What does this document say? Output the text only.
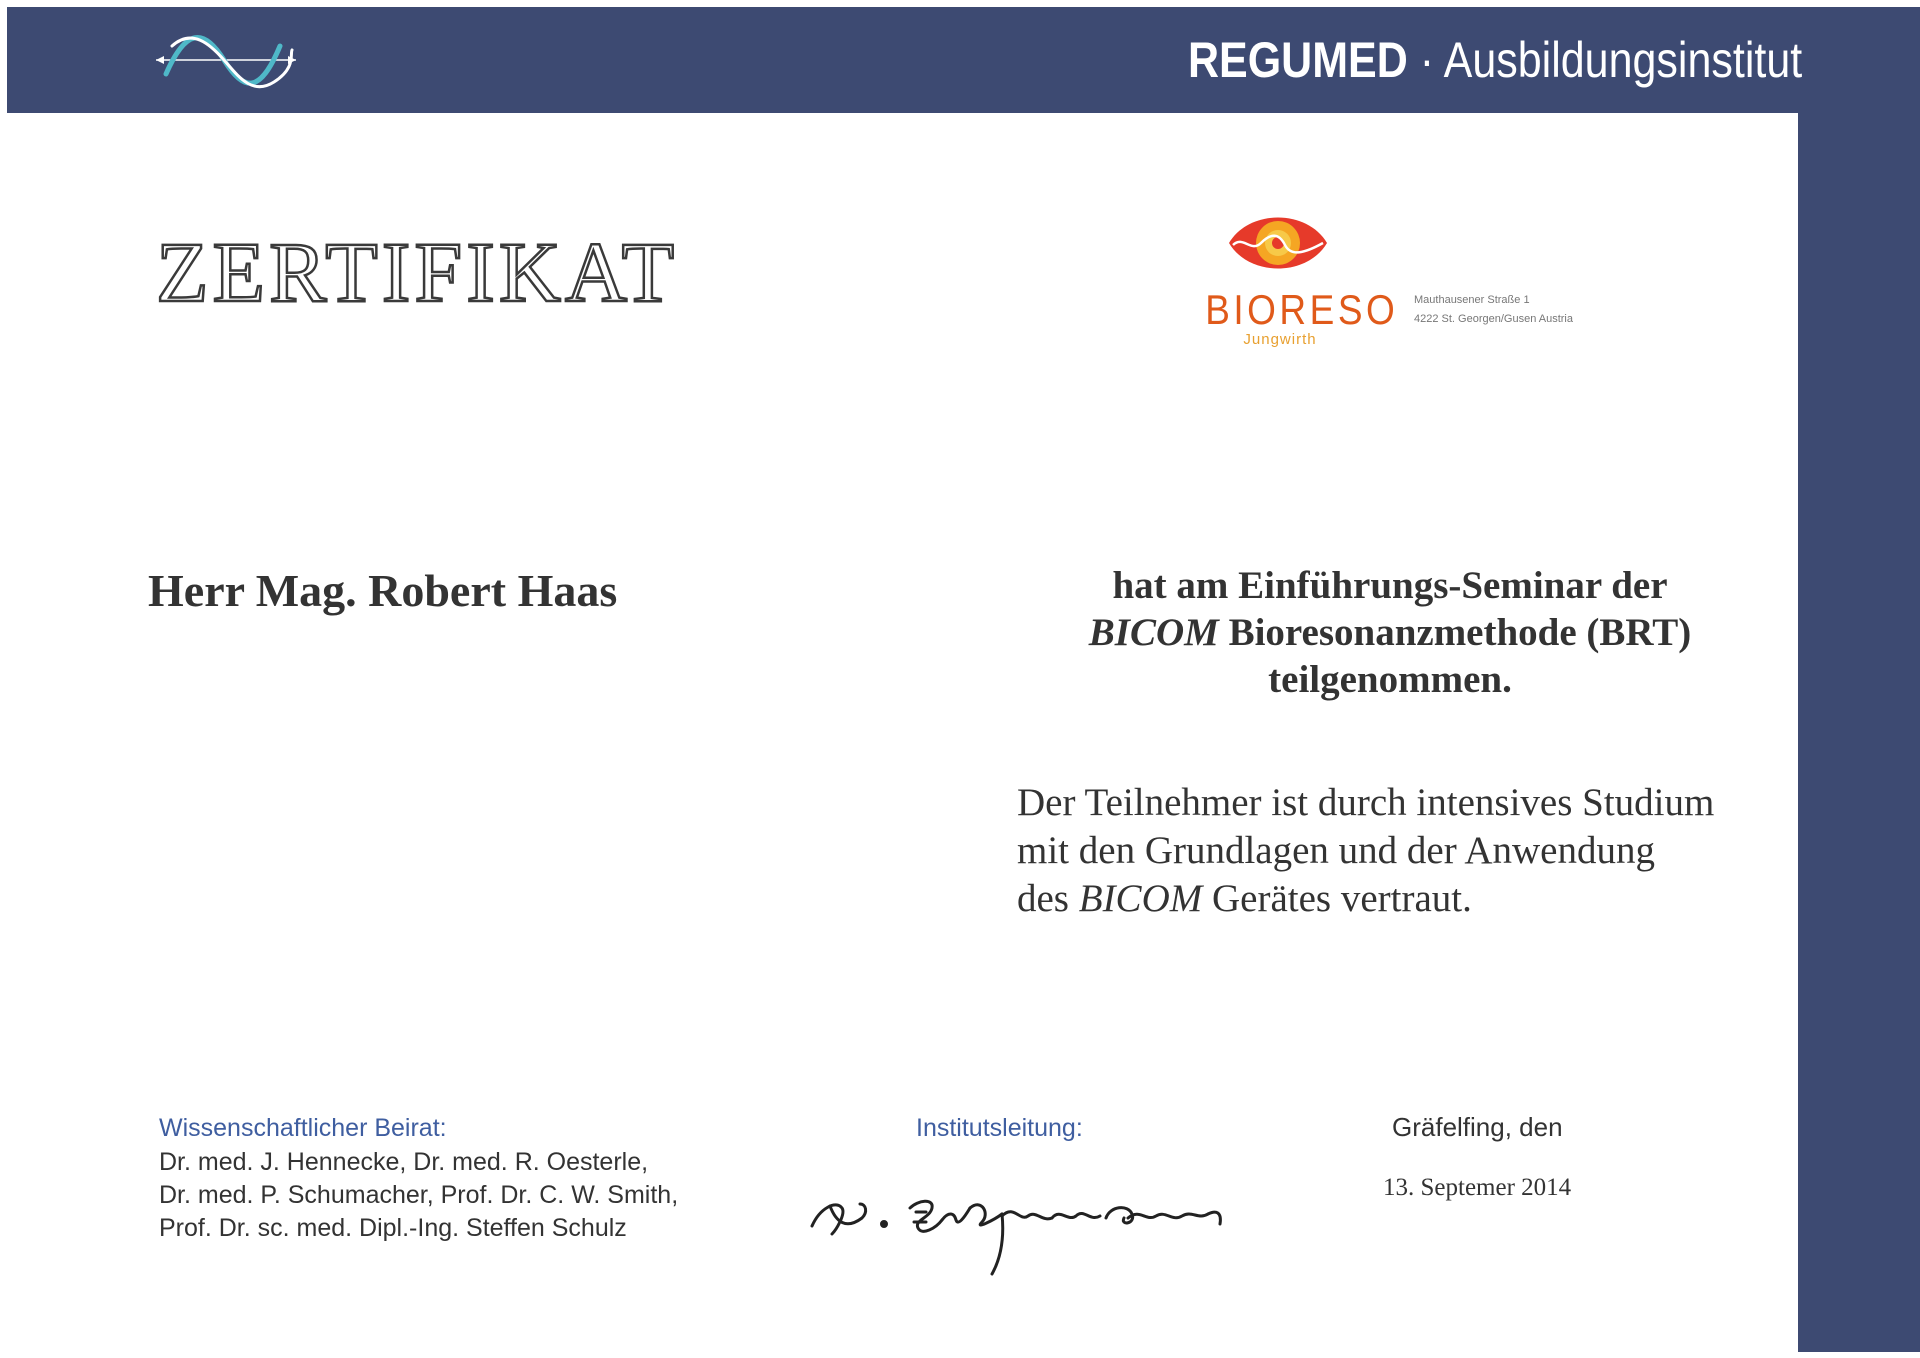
REGUMED · Ausbildungsinstitut
ZERTIFIKAT	BIORESO
Jungwirth
Mauthausener Straße 1
4222 St. Georgen/Gusen Austria
Herr Mag. Robert Haas	hat am Einführungs-Seminar der
BICOM Bioresonanzmethode (BRT)
teilgenommen.
Der Teilnehmer ist durch intensives Studium
mit den Grundlagen und der Anwendung
des BICOM Gerätes vertraut.
Wissenschaftlicher Beirat:
Dr. med. J. Hennecke, Dr. med. R. Oesterle,
Dr. med. P. Schumacher, Prof. Dr. C. W. Smith,
Prof. Dr. sc. med. Dipl.-Ing. Steffen Schulz
Institutsleitung:	Gräfelfing, den
13. Septemer 2014
